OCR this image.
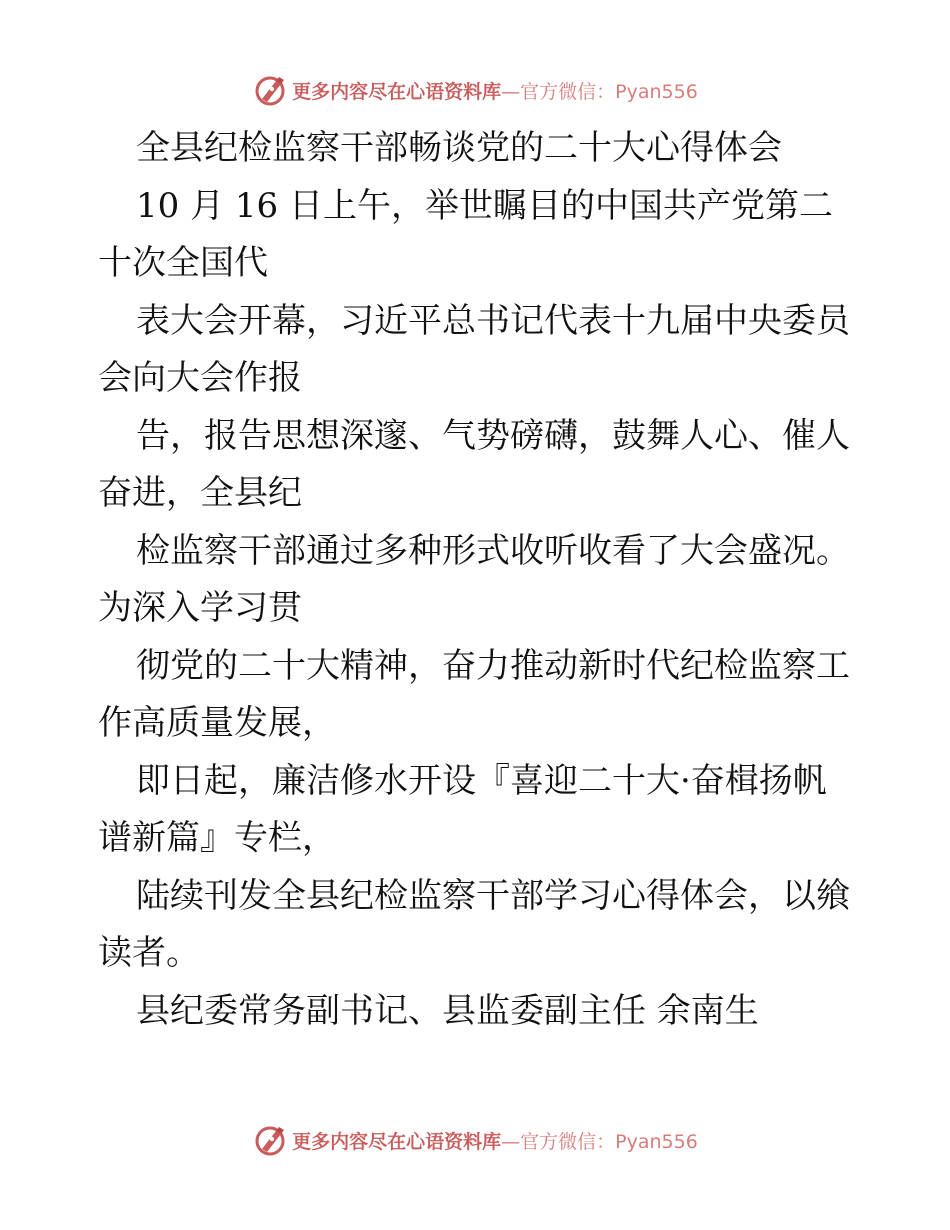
更多内容尽在心语资料库—官方微信：Pyan556
全县纪检监察干部畅谈党的二十大心得体会
10 月 16 日上午，举世瞩目的中国共产党第二
十次全国代
表大会开幕，习近平总书记代表十九届中央委员
会向大会作报
告，报告思想深邃、气势磅礴，鼓舞人心、催人
奋进，全县纪
检监察干部通过多种形式收听收看了大会盛况。
为深入学习贯
彻党的二十大精神，奋力推动新时代纪检监察工
作高质量发展，
即日起，廉洁修水开设『喜迎二十大·奋楫扬帆
谱新篇』专栏，
陆续刊发全县纪检监察干部学习心得体会，以飨
读者。
县纪委常务副书记、县监委副主任 余南生
更多内容尽在心语资料库—官方微信：Pyan556
